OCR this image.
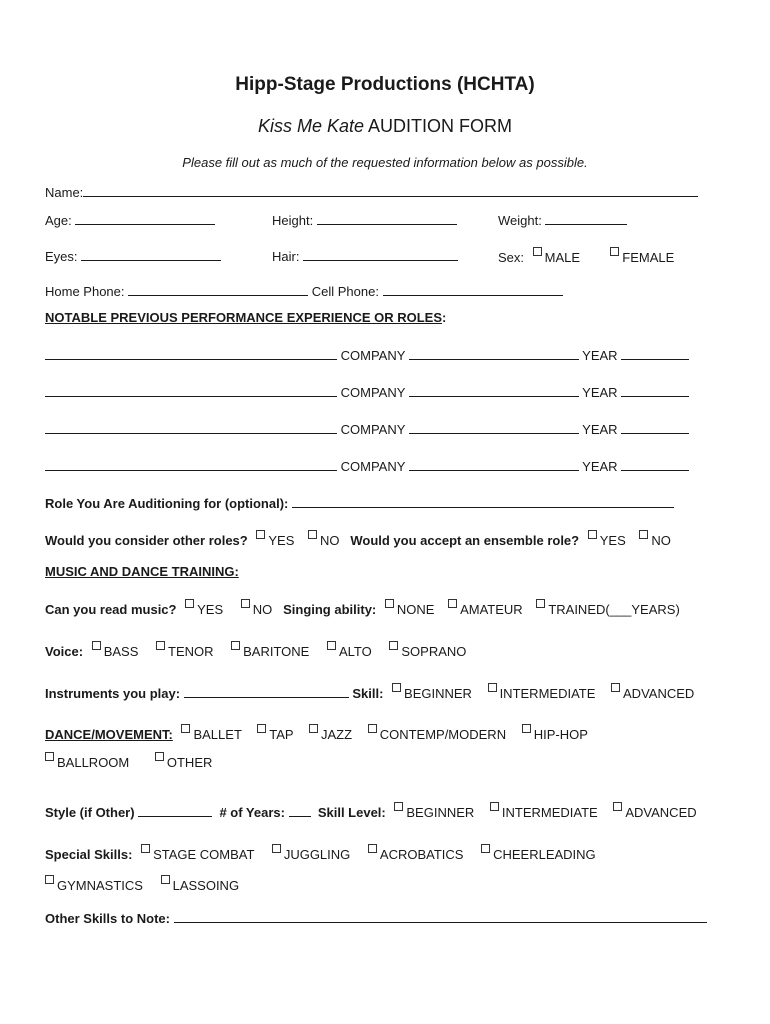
Hipp-Stage Productions (HCHTA)
Kiss Me Kate AUDITION FORM
Please fill out as much of the requested information below as possible.
Name:
Age:	Height:	Weight:
Eyes:	Hair:	Sex: MALE	FEMALE
Home Phone:	Cell Phone:
NOTABLE PREVIOUS PERFORMANCE EXPERIENCE OR ROLES:
COMPANY	YEAR
COMPANY	YEAR
COMPANY	YEAR
COMPANY	YEAR
Role You Are Auditioning for (optional):
Would you consider other roles? YES NO Would you accept an ensemble role? YES NO
MUSIC AND DANCE TRAINING:
Can you read music? YES NO Singing ability: NONE AMATEUR TRAINED(___YEARS)
Voice: BASS TENOR BARITONE ALTO SOPRANO
Instruments you play:	Skill: BEGINNER INTERMEDIATE ADVANCED
DANCE/MOVEMENT: BALLET TAP JAZZ CONTEMP/MODERN HIP-HOP
BALLROOM	OTHER
Style (if Other)	# of Years:	Skill Level: BEGINNER INTERMEDIATE ADVANCED
Special Skills: STAGE COMBAT JUGGLING ACROBATICS CHEERLEADING
GYMNASTICS LASSOING
Other Skills to Note:
